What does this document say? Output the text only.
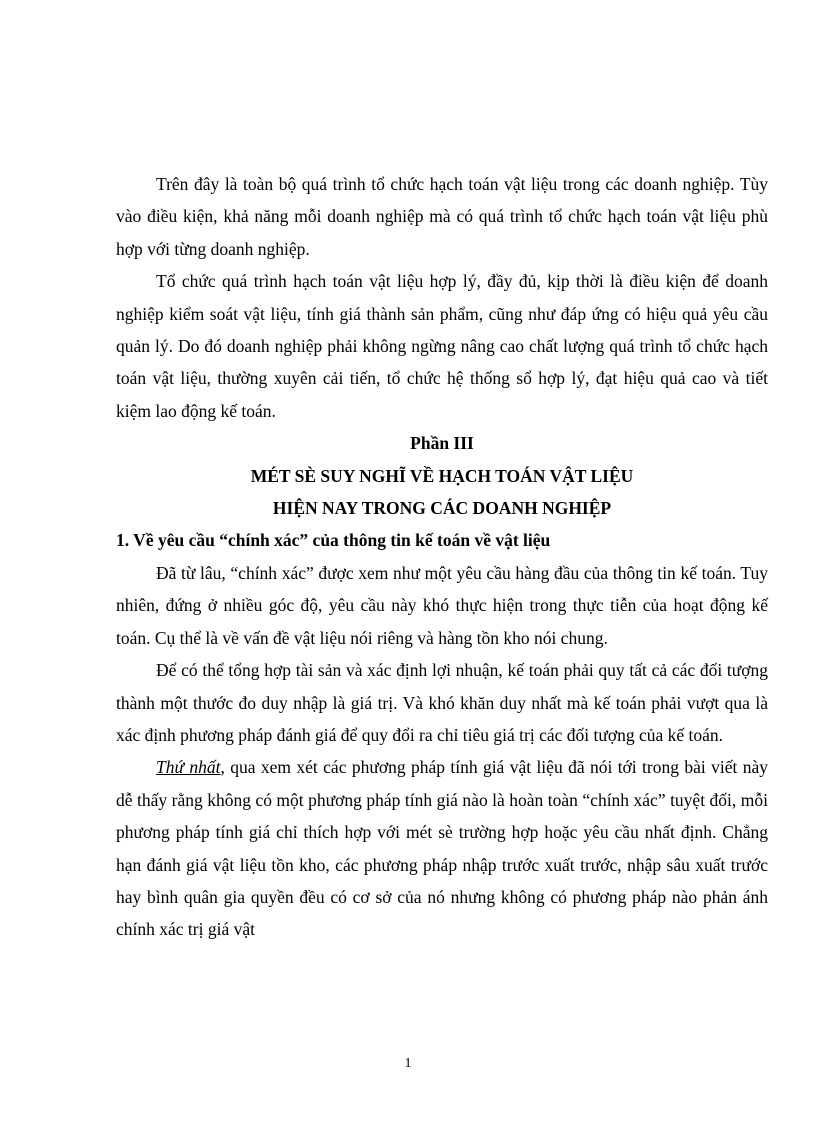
Trên đây là toàn bộ quá trình tổ chức hạch toán vật liệu trong các doanh nghiệp. Tùy vào điều kiện, khả năng mỗi doanh nghiệp mà có quá trình tổ chức hạch toán vật liệu phù hợp với từng doanh nghiệp.

Tổ chức quá trình hạch toán vật liệu hợp lý, đầy đủ, kịp thời là điều kiện để doanh nghiệp kiểm soát vật liệu, tính giá thành sản phẩm, cũng như đáp ứng có hiệu quả yêu cầu quản lý. Do đó doanh nghiệp phải không ngừng nâng cao chất lượng quá trình tổ chức hạch toán vật liệu, thường xuyên cải tiến, tổ chức hệ thống sổ hợp lý, đạt hiệu quả cao và tiết kiệm lao động kế toán.

Phần III

MÉT SÈ SUY NGHĨ VỀ HẠCH TOÁN VẬT LIỆU

HIỆN NAY TRONG CÁC DOANH NGHIỆP

1. Về yêu cầu “chính xác” của thông tin kế toán về vật liệu

Đã từ lâu, “chính xác” được xem như một yêu cầu hàng đầu của thông tin kế toán. Tuy nhiên, đứng ở nhiều góc độ, yêu cầu này khó thực hiện trong thực tiễn của hoạt động kế toán. Cụ thể là về vấn đề vật liệu nói riêng và hàng tồn kho nói chung.

Để có thể tổng hợp tài sản và xác định lợi nhuận, kế toán phải quy tất cả các đối tượng thành một thước đo duy nhập là giá trị. Và khó khăn duy nhất mà kế toán phải vượt qua là xác định phương pháp đánh giá để quy đổi ra chỉ tiêu giá trị các đối tượng của kế toán.

Thứ nhất, qua xem xét các phương pháp tính giá vật liệu đã nói tới trong bài viết này dễ thấy rằng không có một phương pháp tính giá nào là hoàn toàn “chính xác” tuyệt đối, mỗi phương pháp tính giá chỉ thích hợp với mét sè trường hợp hoặc yêu cầu nhất định. Chẳng hạn đánh giá vật liệu tồn kho, các phương pháp nhập trước xuất trước, nhập sâu xuất trước hay bình quân gia quyền đều có cơ sở của nó nhưng không có phương pháp nào phản ánh chính xác trị giá vật

1
